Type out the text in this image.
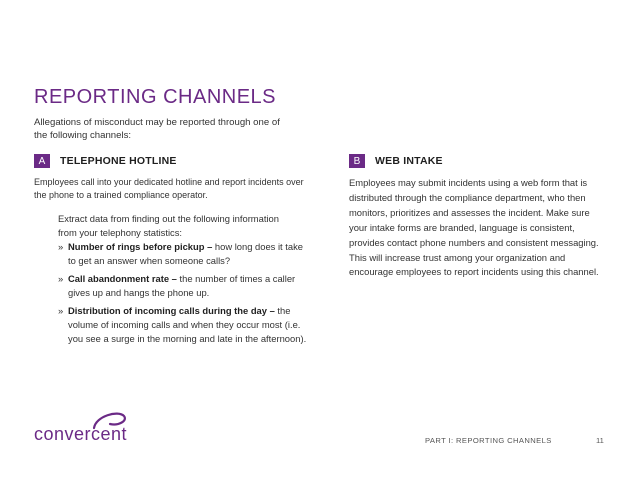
REPORTING CHANNELS
Allegations of misconduct may be reported through one of the following channels:
A	TELEPHONE HOTLINE
Employees call into your dedicated hotline and report incidents over the phone to a trained compliance operator.
Extract data from finding out the following information from your telephony statistics:
» Number of rings before pickup – how long does it take to get an answer when someone calls?
» Call abandonment rate – the number of times a caller gives up and hangs the phone up.
» Distribution of incoming calls during the day – the volume of incoming calls and when they occur most (i.e. you see a surge in the morning and late in the afternoon).
B	WEB INTAKE
Employees may submit incidents using a web form that is distributed through the compliance department, who then monitors, prioritizes and assesses the incident. Make sure your intake forms are branded, language is consistent, provides contact phone numbers and consistent messaging. This will increase trust among your organization and encourage employees to report incidents using this channel.
convercent	PART I: REPORTING CHANNELS	11
